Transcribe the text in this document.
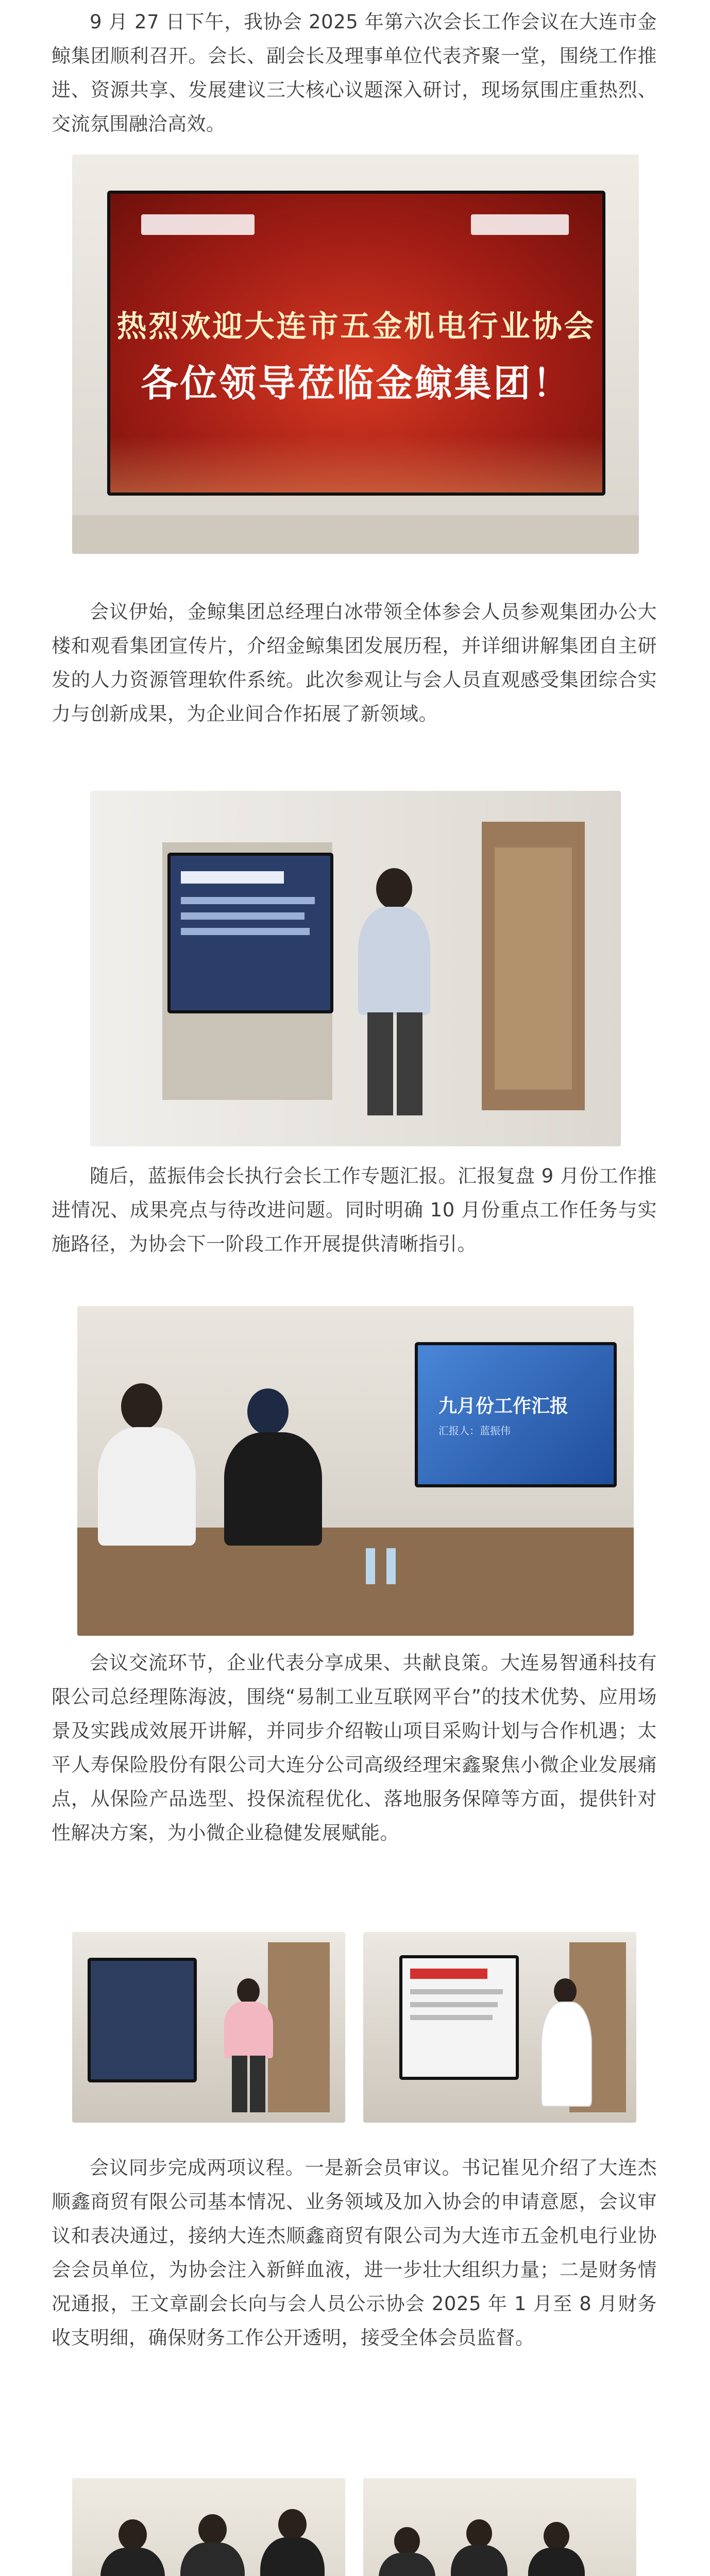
9 月 27 日下午，我协会 2025 年第六次会长工作会议在大连市金鲸集团顺利召开。会长、副会长及理事单位代表齐聚一堂，围绕工作推进、资源共享、发展建议三大核心议题深入研讨，现场氛围庄重热烈、交流氛围融洽高效。

热烈欢迎大连市五金机电行业协会
各位领导莅临金鲸集团！

会议伊始，金鲸集团总经理白冰带领全体参会人员参观集团办公大楼和观看集团宣传片，介绍金鲸集团发展历程，并详细讲解集团自主研发的人力资源管理软件系统。此次参观让与会人员直观感受集团综合实力与创新成果，为企业间合作拓展了新领域。

随后，蓝振伟会长执行会长工作专题汇报。汇报复盘 9 月份工作推进情况、成果亮点与待改进问题。同时明确 10 月份重点工作任务与实施路径，为协会下一阶段工作开展提供清晰指引。

九月份工作汇报
汇报人：蓝振伟

会议交流环节，企业代表分享成果、共献良策。大连易智通科技有限公司总经理陈海波，围绕“易制工业互联网平台”的技术优势、应用场景及实践成效展开讲解，并同步介绍鞍山项目采购计划与合作机遇；太平人寿保险股份有限公司大连分公司高级经理宋鑫聚焦小微企业发展痛点，从保险产品选型、投保流程优化、落地服务保障等方面，提供针对性解决方案，为小微企业稳健发展赋能。

会议同步完成两项议程。一是新会员审议。书记崔见介绍了大连杰顺鑫商贸有限公司基本情况、业务领域及加入协会的申请意愿，会议审议和表决通过，接纳大连杰顺鑫商贸有限公司为大连市五金机电行业协会会员单位，为协会注入新鲜血液，进一步壮大组织力量；二是财务情况通报，王文章副会长向与会人员公示协会 2025 年 1 月至 8 月财务收支明细，确保财务工作公开透明，接受全体会员监督。
